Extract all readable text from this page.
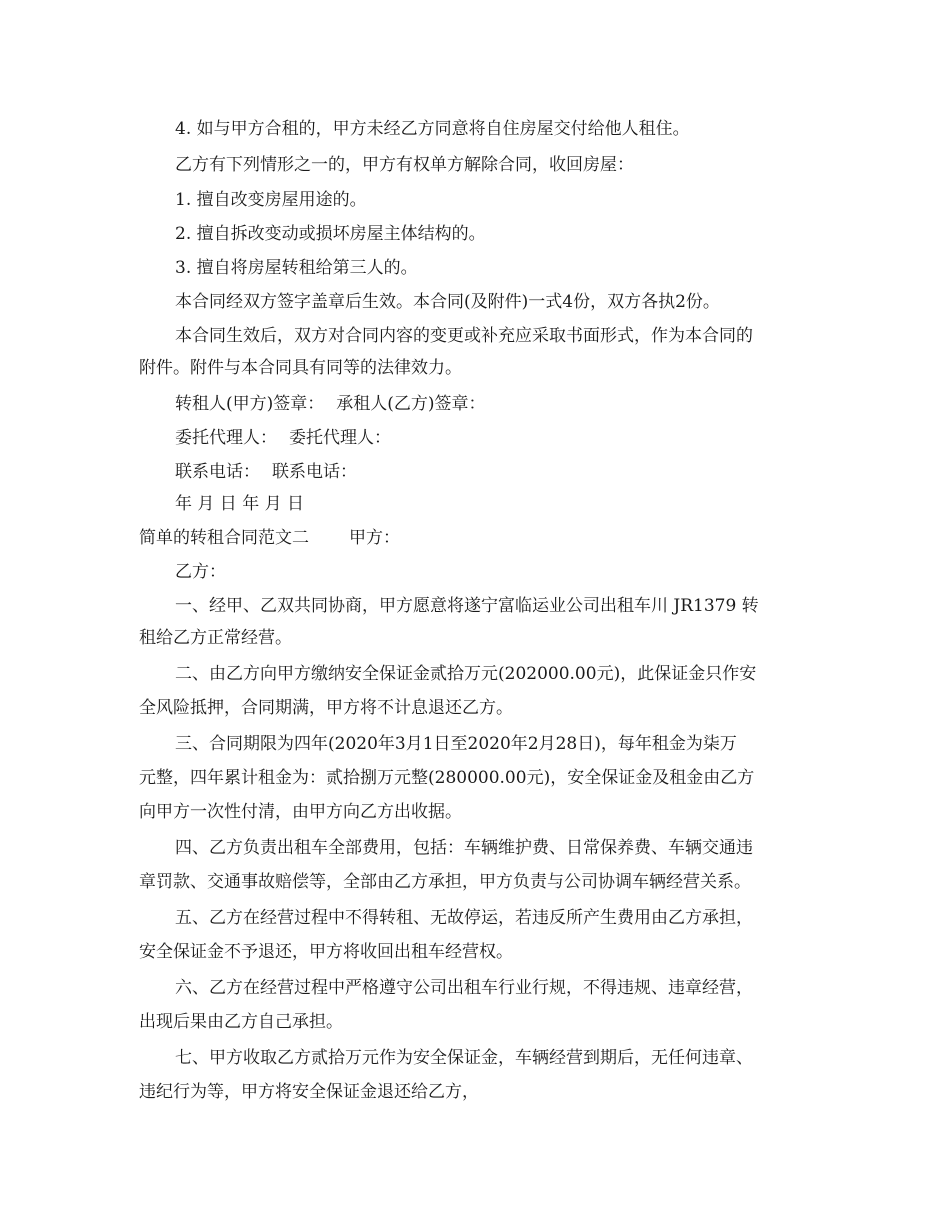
4. 如与甲方合租的，甲方未经乙方同意将自住房屋交付给他人租住。
乙方有下列情形之一的，甲方有权单方解除合同，收回房屋：
1. 擅自改变房屋用途的。
2. 擅自拆改变动或损坏房屋主体结构的。
3. 擅自将房屋转租给第三人的。
本合同经双方签字盖章后生效。本合同(及附件)一式4份，双方各执2份。
本合同生效后，双方对合同内容的变更或补充应采取书面形式，作为本合同的
附件。附件与本合同具有同等的法律效力。
转租人(甲方)签章： 承租人(乙方)签章：
委托代理人： 委托代理人：
联系电话： 联系电话：
年 月 日 年 月 日
简单的转租合同范文二 甲方：
乙方：
一、经甲、乙双共同协商，甲方愿意将遂宁富临运业公司出租车川 JR1379 转
租给乙方正常经营。
二、由乙方向甲方缴纳安全保证金贰拾万元(202000.00元)，此保证金只作安
全风险抵押，合同期满，甲方将不计息退还乙方。
三、合同期限为四年(2020年3月1日至2020年2月28日)，每年租金为柒万
元整，四年累计租金为：贰拾捌万元整(280000.00元)，安全保证金及租金由乙方
向甲方一次性付清，由甲方向乙方出收据。
四、乙方负责出租车全部费用，包括：车辆维护费、日常保养费、车辆交通违
章罚款、交通事故赔偿等，全部由乙方承担，甲方负责与公司协调车辆经营关系。
五、乙方在经营过程中不得转租、无故停运，若违反所产生费用由乙方承担，
安全保证金不予退还，甲方将收回出租车经营权。
六、乙方在经营过程中严格遵守公司出租车行业行规，不得违规、违章经营，
出现后果由乙方自己承担。
七、甲方收取乙方贰拾万元作为安全保证金，车辆经营到期后，无任何违章、
违纪行为等，甲方将安全保证金退还给乙方，
